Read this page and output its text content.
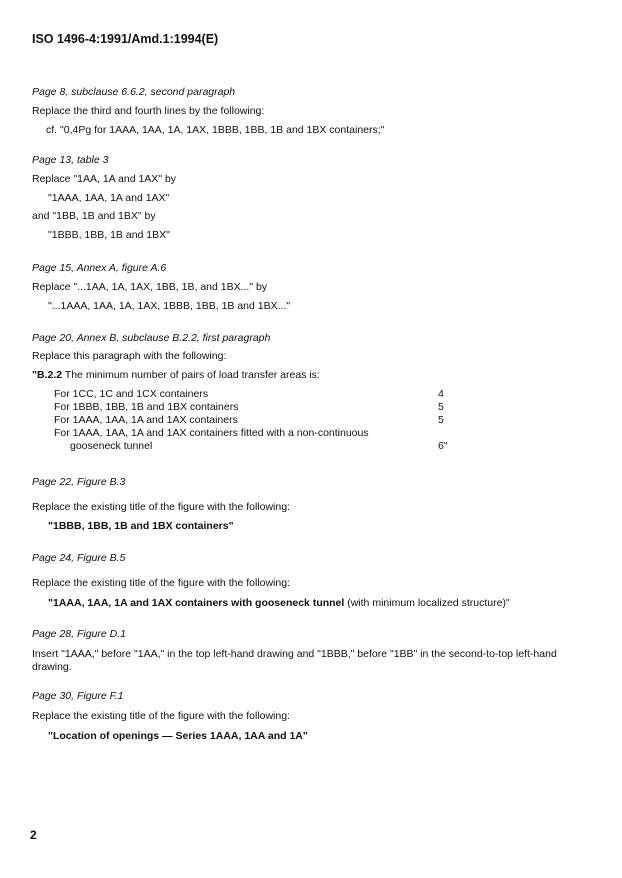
ISO 1496-4:1991/Amd.1:1994(E)
Page 8, subclause 6.6.2, second paragraph
Replace the third and fourth lines by the following:
cf. "0,4Pg for 1AAA, 1AA, 1A, 1AX, 1BBB, 1BB, 1B and 1BX containers;"
Page 13, table 3
Replace "1AA, 1A and 1AX" by
"1AAA, 1AA, 1A and 1AX"
and "1BB, 1B and 1BX" by
"1BBB, 1BB, 1B and 1BX"
Page 15, Annex A, figure A.6
Replace "...1AA, 1A, 1AX, 1BB, 1B, and 1BX..." by
"...1AAA, 1AA, 1A, 1AX, 1BBB, 1BB, 1B and 1BX..."
Page 20, Annex B, subclause B.2.2, first paragraph
Replace this paragraph with the following:
"B.2.2 The minimum number of pairs of load transfer areas is:
For 1CC, 1C and 1CX containers	4
For 1BBB, 1BB, 1B and 1BX containers	5
For 1AAA, 1AA, 1A and 1AX containers	5
For 1AAA, 1AA, 1A and 1AX containers fitted with a non-continuous
gooseneck tunnel	6"
Page 22, Figure B.3
Replace the existing title of the figure with the following:
"1BBB, 1BB, 1B and 1BX containers"
Page 24, Figure B.5
Replace the existing title of the figure with the following:
"1AAA, 1AA, 1A and 1AX containers with gooseneck tunnel (with minimum localized structure)"
Page 28, Figure D.1
Insert "1AAA," before "1AA," in the top left-hand drawing and "1BBB," before "1BB" in the second-to-top left-hand drawing.
Page 30, Figure F.1
Replace the existing title of the figure with the following:
"Location of openings — Series 1AAA, 1AA and 1A"
2
